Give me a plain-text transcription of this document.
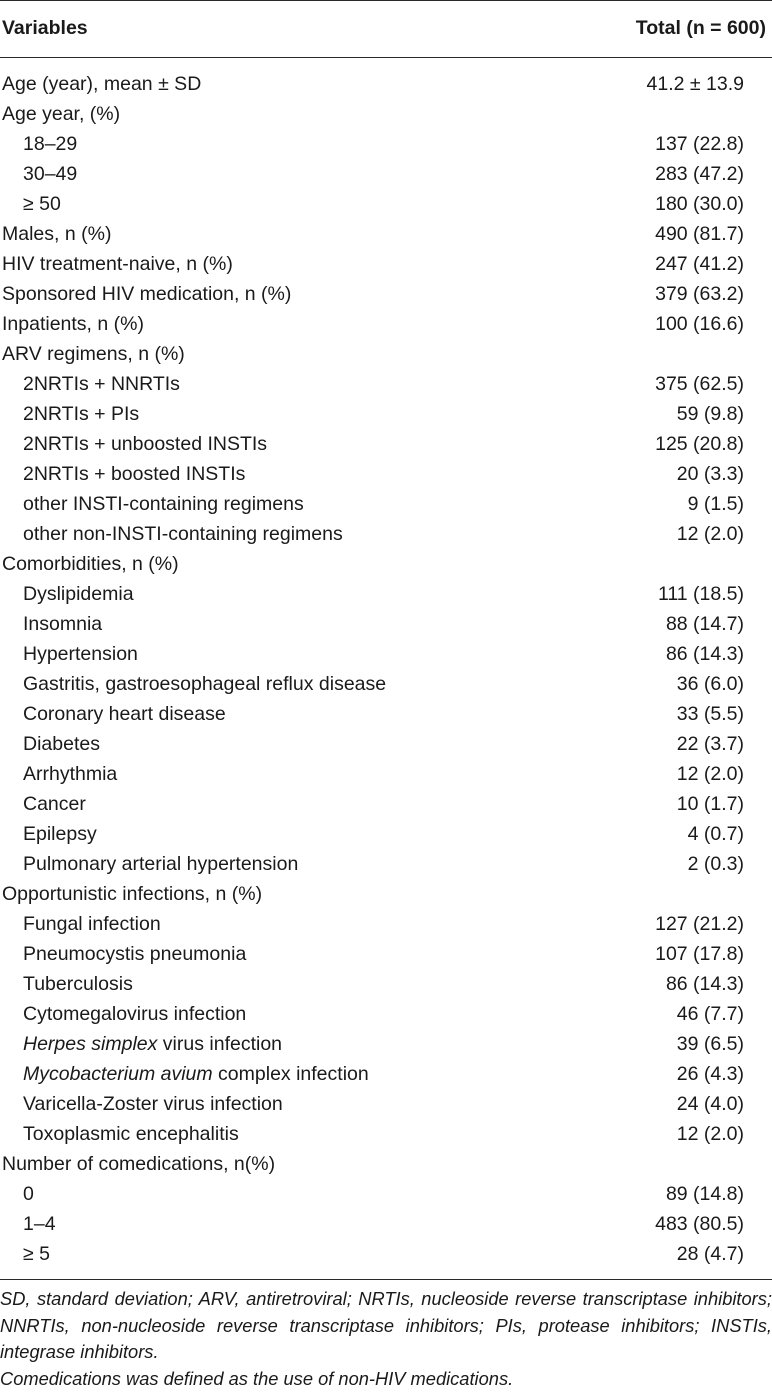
Variables	Total (n = 600)
Age (year), mean ± SD	41.2 ± 13.9
Age year, (%)
18–29	137 (22.8)
30–49	283 (47.2)
≥ 50	180 (30.0)
Males, n (%)	490 (81.7)
HIV treatment-naive, n (%)	247 (41.2)
Sponsored HIV medication, n (%)	379 (63.2)
Inpatients, n (%)	100 (16.6)
ARV regimens, n (%)
2NRTIs + NNRTIs	375 (62.5)
2NRTIs + PIs	59 (9.8)
2NRTIs + unboosted INSTIs	125 (20.8)
2NRTIs + boosted INSTIs	20 (3.3)
other INSTI-containing regimens	9 (1.5)
other non-INSTI-containing regimens	12 (2.0)
Comorbidities, n (%)
Dyslipidemia	111 (18.5)
Insomnia	88 (14.7)
Hypertension	86 (14.3)
Gastritis, gastroesophageal reflux disease	36 (6.0)
Coronary heart disease	33 (5.5)
Diabetes	22 (3.7)
Arrhythmia	12 (2.0)
Cancer	10 (1.7)
Epilepsy	4 (0.7)
Pulmonary arterial hypertension	2 (0.3)
Opportunistic infections, n (%)
Fungal infection	127 (21.2)
Pneumocystis pneumonia	107 (17.8)
Tuberculosis	86 (14.3)
Cytomegalovirus infection	46 (7.7)
Herpes simplex virus infection	39 (6.5)
Mycobacterium avium complex infection	26 (4.3)
Varicella-Zoster virus infection	24 (4.0)
Toxoplasmic encephalitis	12 (2.0)
Number of comedications, n(%)
0	89 (14.8)
1–4	483 (80.5)
≥ 5	28 (4.7)

SD, standard deviation; ARV, antiretroviral; NRTIs, nucleoside reverse transcriptase inhibitors; NNRTIs, non-nucleoside reverse transcriptase inhibitors; PIs, protease inhibitors; INSTIs, integrase inhibitors.

Comedications was defined as the use of non-HIV medications.
